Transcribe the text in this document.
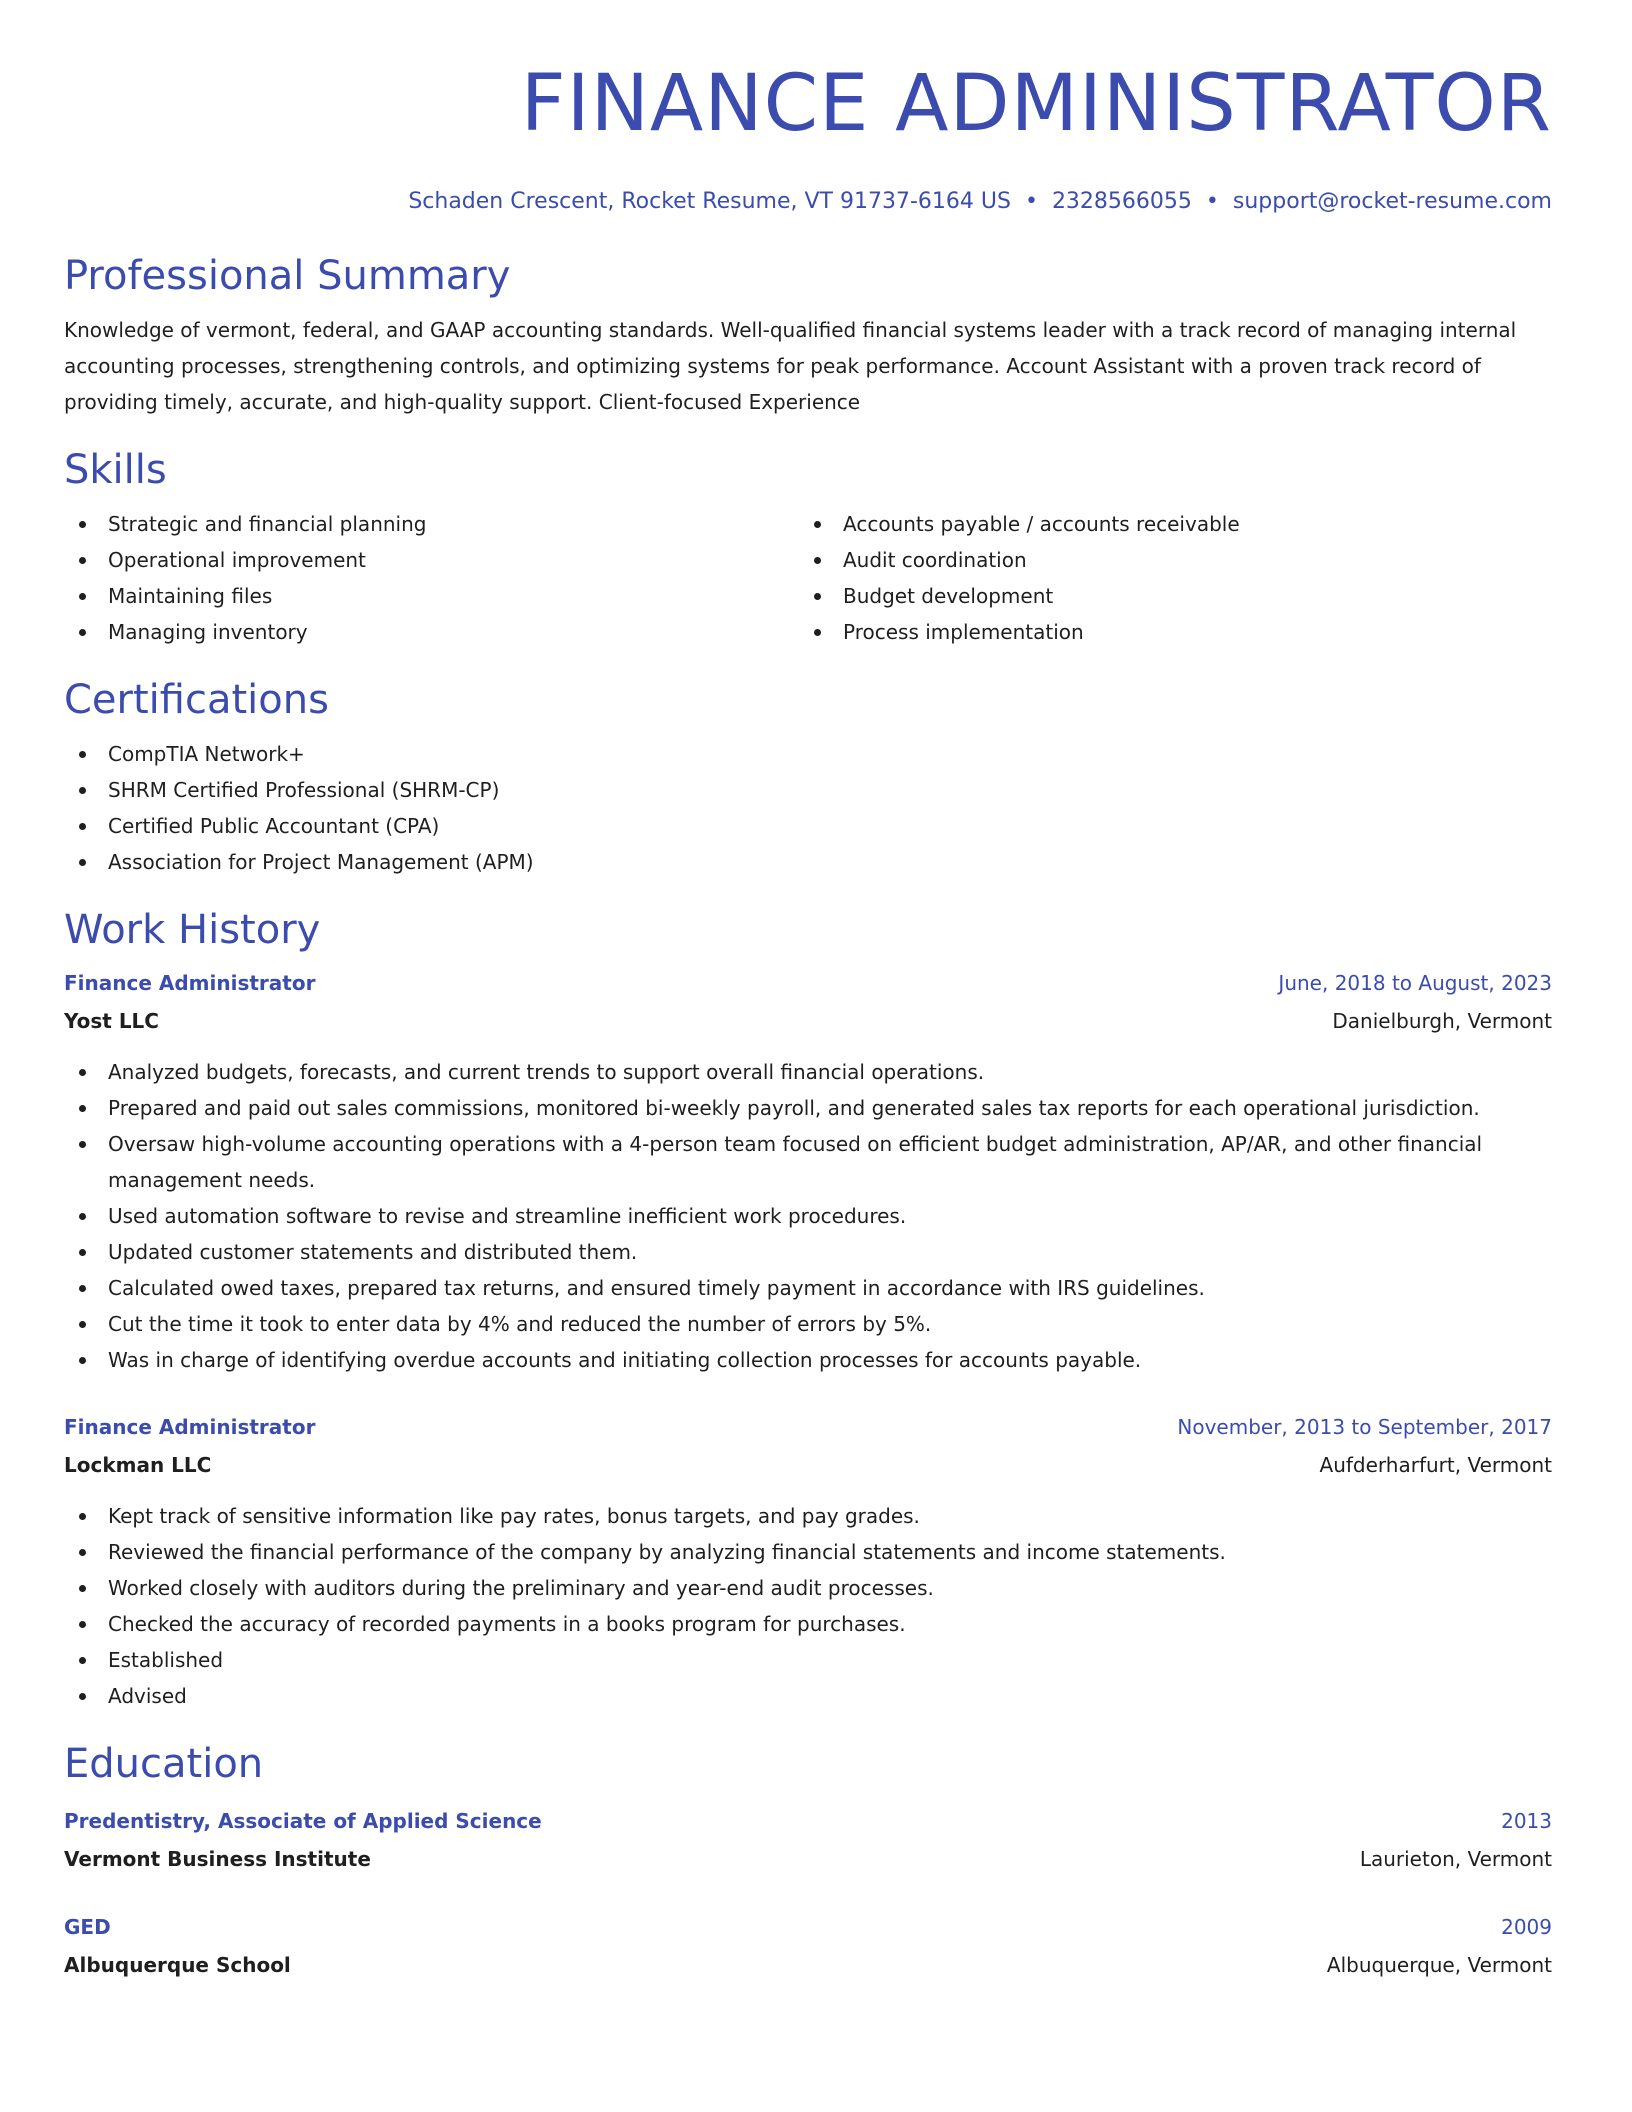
FINANCE ADMINISTRATOR
Schaden Crescent, Rocket Resume, VT 91737-6164 US • 2328566055 • support@rocket-resume.com
Professional Summary
Knowledge of vermont, federal, and GAAP accounting standards. Well-qualified financial systems leader with a track record of managing internal accounting processes, strengthening controls, and optimizing systems for peak performance. Account Assistant with a proven track record of providing timely, accurate, and high-quality support. Client-focused Experience
Skills
Strategic and financial planning
Operational improvement
Maintaining files
Managing inventory
Accounts payable / accounts receivable
Audit coordination
Budget development
Process implementation
Certifications
CompTIA Network+
SHRM Certified Professional (SHRM-CP)
Certified Public Accountant (CPA)
Association for Project Management (APM)
Work History
Finance Administrator	June, 2018 to August, 2023
Yost LLC	Danielburgh, Vermont
Analyzed budgets, forecasts, and current trends to support overall financial operations.
Prepared and paid out sales commissions, monitored bi-weekly payroll, and generated sales tax reports for each operational jurisdiction.
Oversaw high-volume accounting operations with a 4-person team focused on efficient budget administration, AP/AR, and other financial management needs.
Used automation software to revise and streamline inefficient work procedures.
Updated customer statements and distributed them.
Calculated owed taxes, prepared tax returns, and ensured timely payment in accordance with IRS guidelines.
Cut the time it took to enter data by 4% and reduced the number of errors by 5%.
Was in charge of identifying overdue accounts and initiating collection processes for accounts payable.
Finance Administrator	November, 2013 to September, 2017
Lockman LLC	Aufderharfurt, Vermont
Kept track of sensitive information like pay rates, bonus targets, and pay grades.
Reviewed the financial performance of the company by analyzing financial statements and income statements.
Worked closely with auditors during the preliminary and year-end audit processes.
Checked the accuracy of recorded payments in a books program for purchases.
Established
Advised
Education
Predentistry, Associate of Applied Science	2013
Vermont Business Institute	Laurieton, Vermont
GED	2009
Albuquerque School	Albuquerque, Vermont
